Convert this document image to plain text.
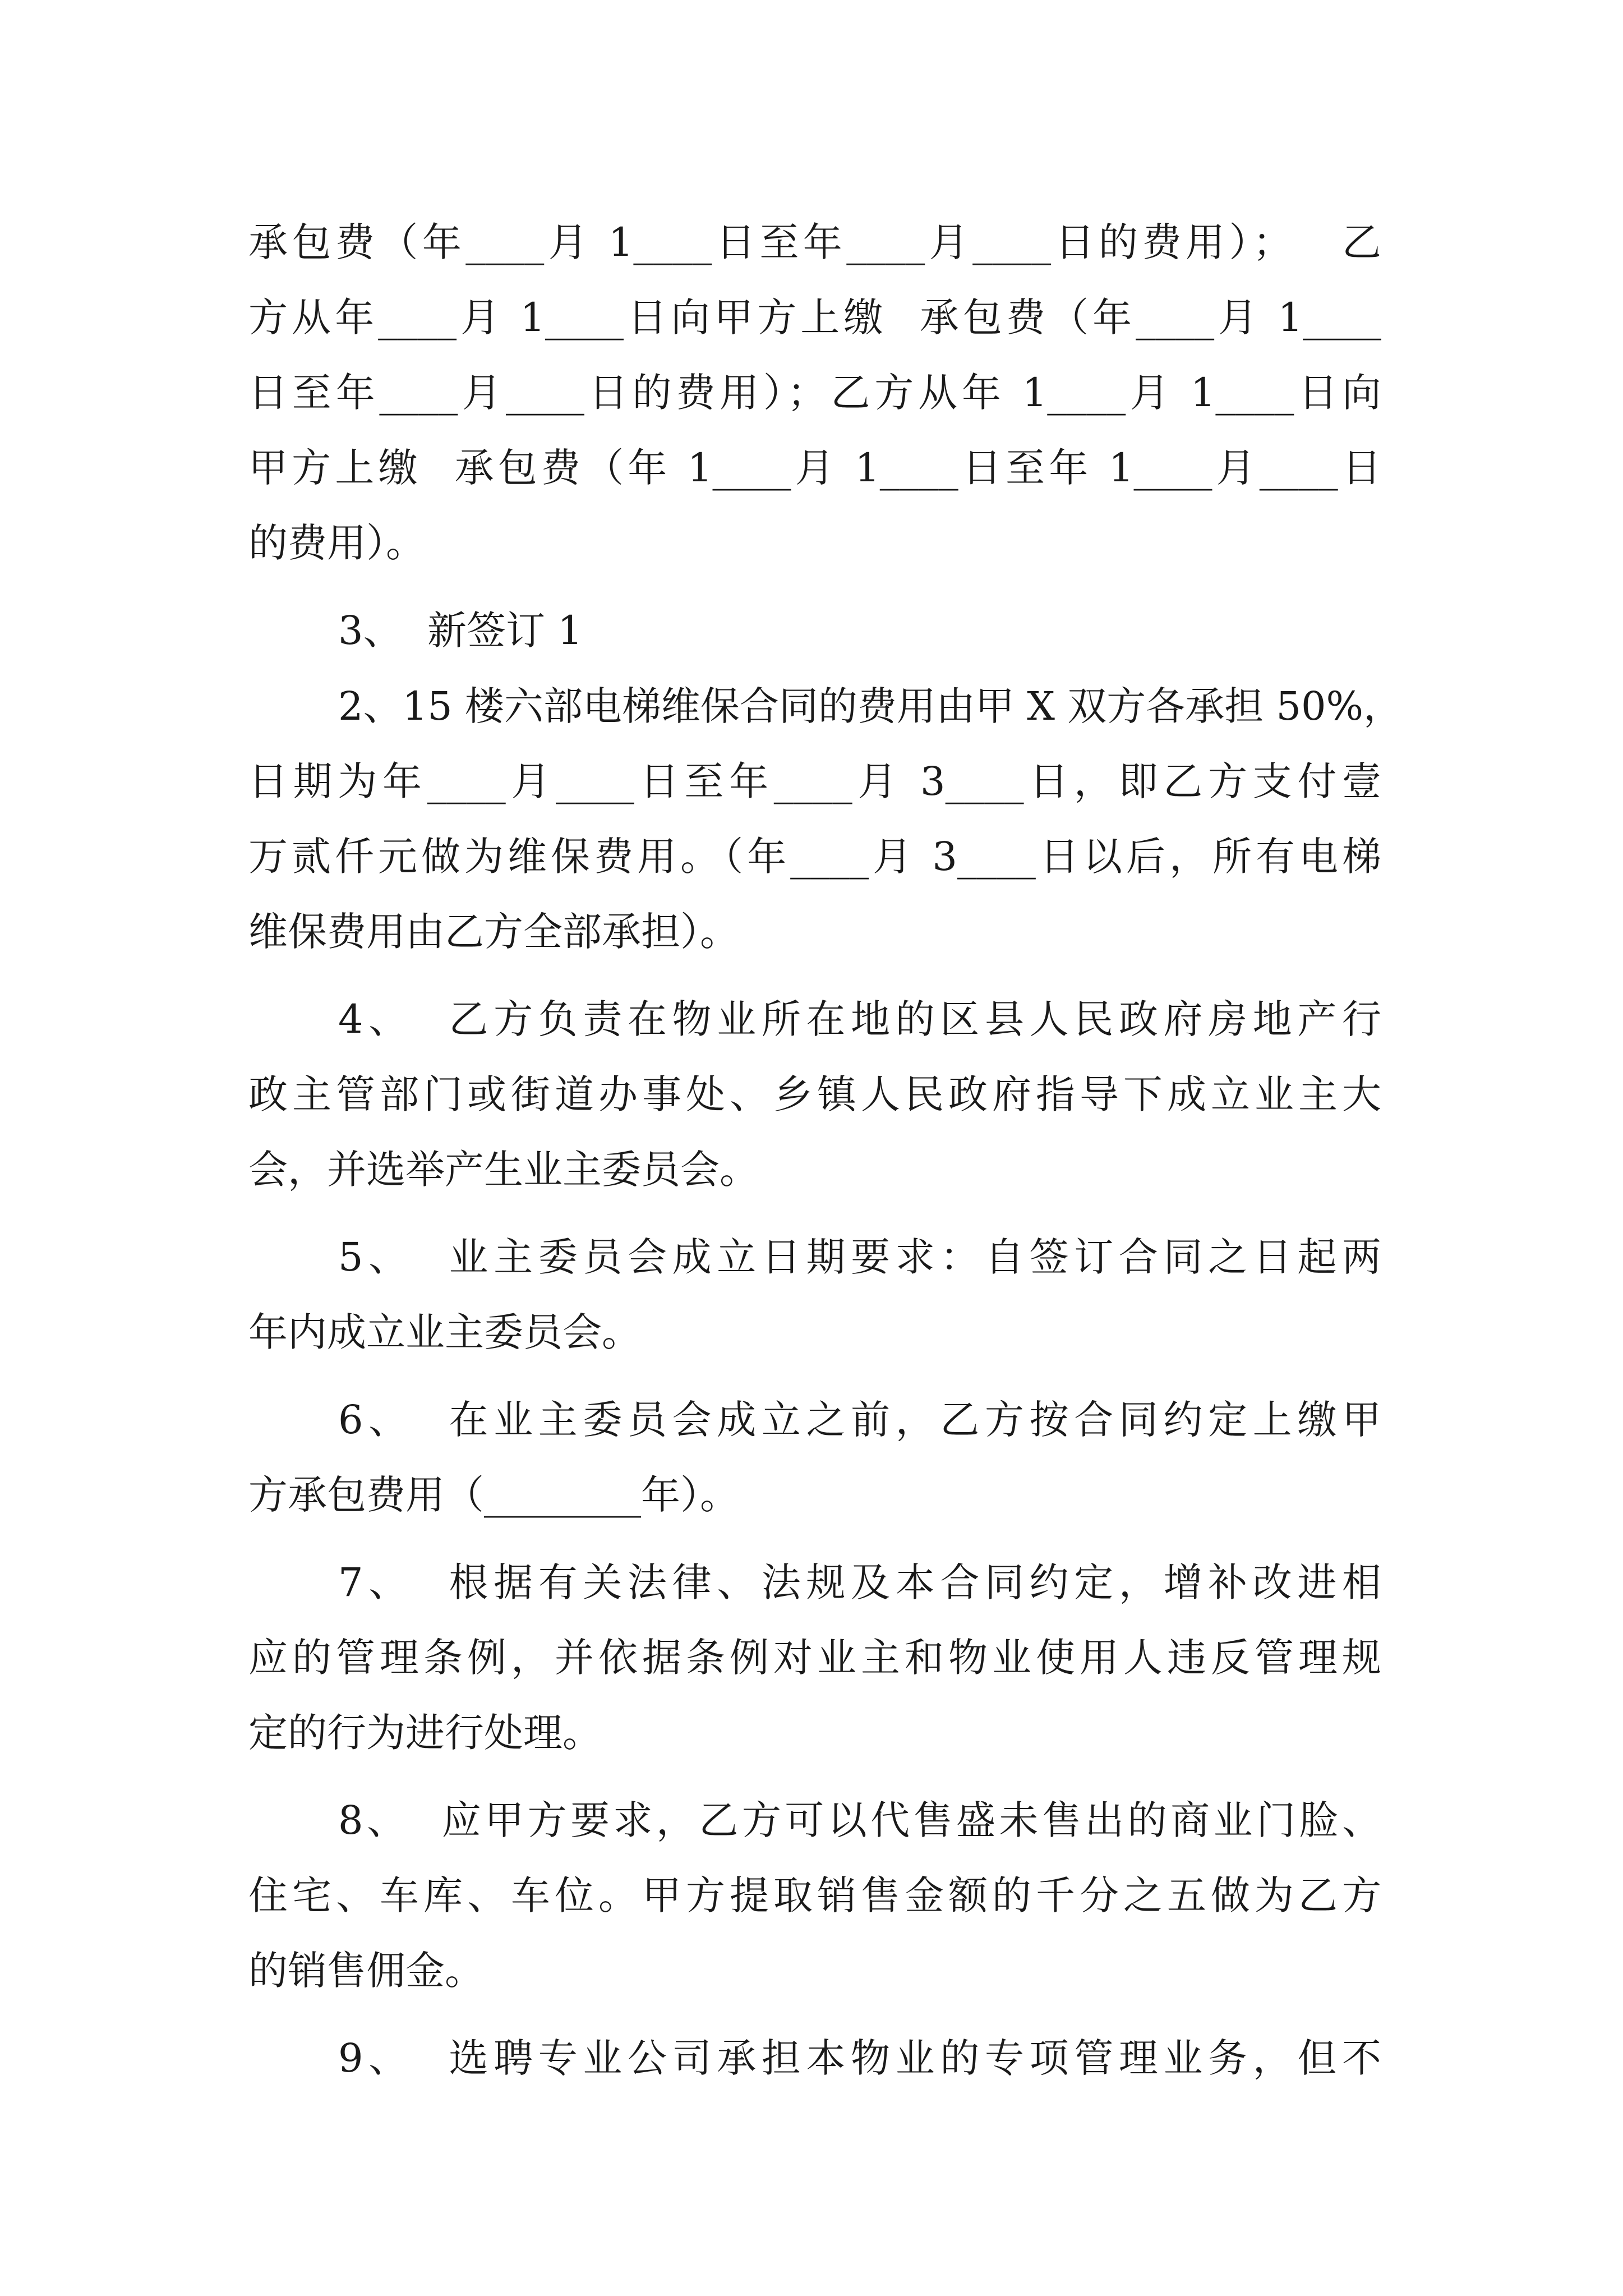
承包费（年____月 1____日至年____月____日的费用）；   乙
方从年____月 1____日向甲方上缴  承包费（年____月 1____
日至年____月____日的费用）；乙方从年 1____月 1____日向
甲方上缴  承包费（年 1____月 1____日至年 1____月____日
的费用）。
3、  新签订 1
2、15 楼六部电梯维保合同的费用由甲 X 双方各承担 50%，
日期为年____月____日至年____月 3____日，即乙方支付壹
万贰仟元做为维保费用。（年____月 3____日以后，所有电梯
维保费用由乙方全部承担）。
4、  乙方负责在物业所在地的区县人民政府房地产行
政主管部门或街道办事处、乡镇人民政府指导下成立业主大
会，并选举产生业主委员会。
5、  业主委员会成立日期要求：自签订合同之日起两
年内成立业主委员会。
6、  在业主委员会成立之前，乙方按合同约定上缴甲
方承包费用（________年）。
7、  根据有关法律、法规及本合同约定，增补改进相
应的管理条例，并依据条例对业主和物业使用人违反管理规
定的行为进行处理。
8、  应甲方要求，乙方可以代售盛未售出的商业门脸、
住宅、车库、车位。甲方提取销售金额的千分之五做为乙方
的销售佣金。
9、  选聘专业公司承担本物业的专项管理业务，但不
